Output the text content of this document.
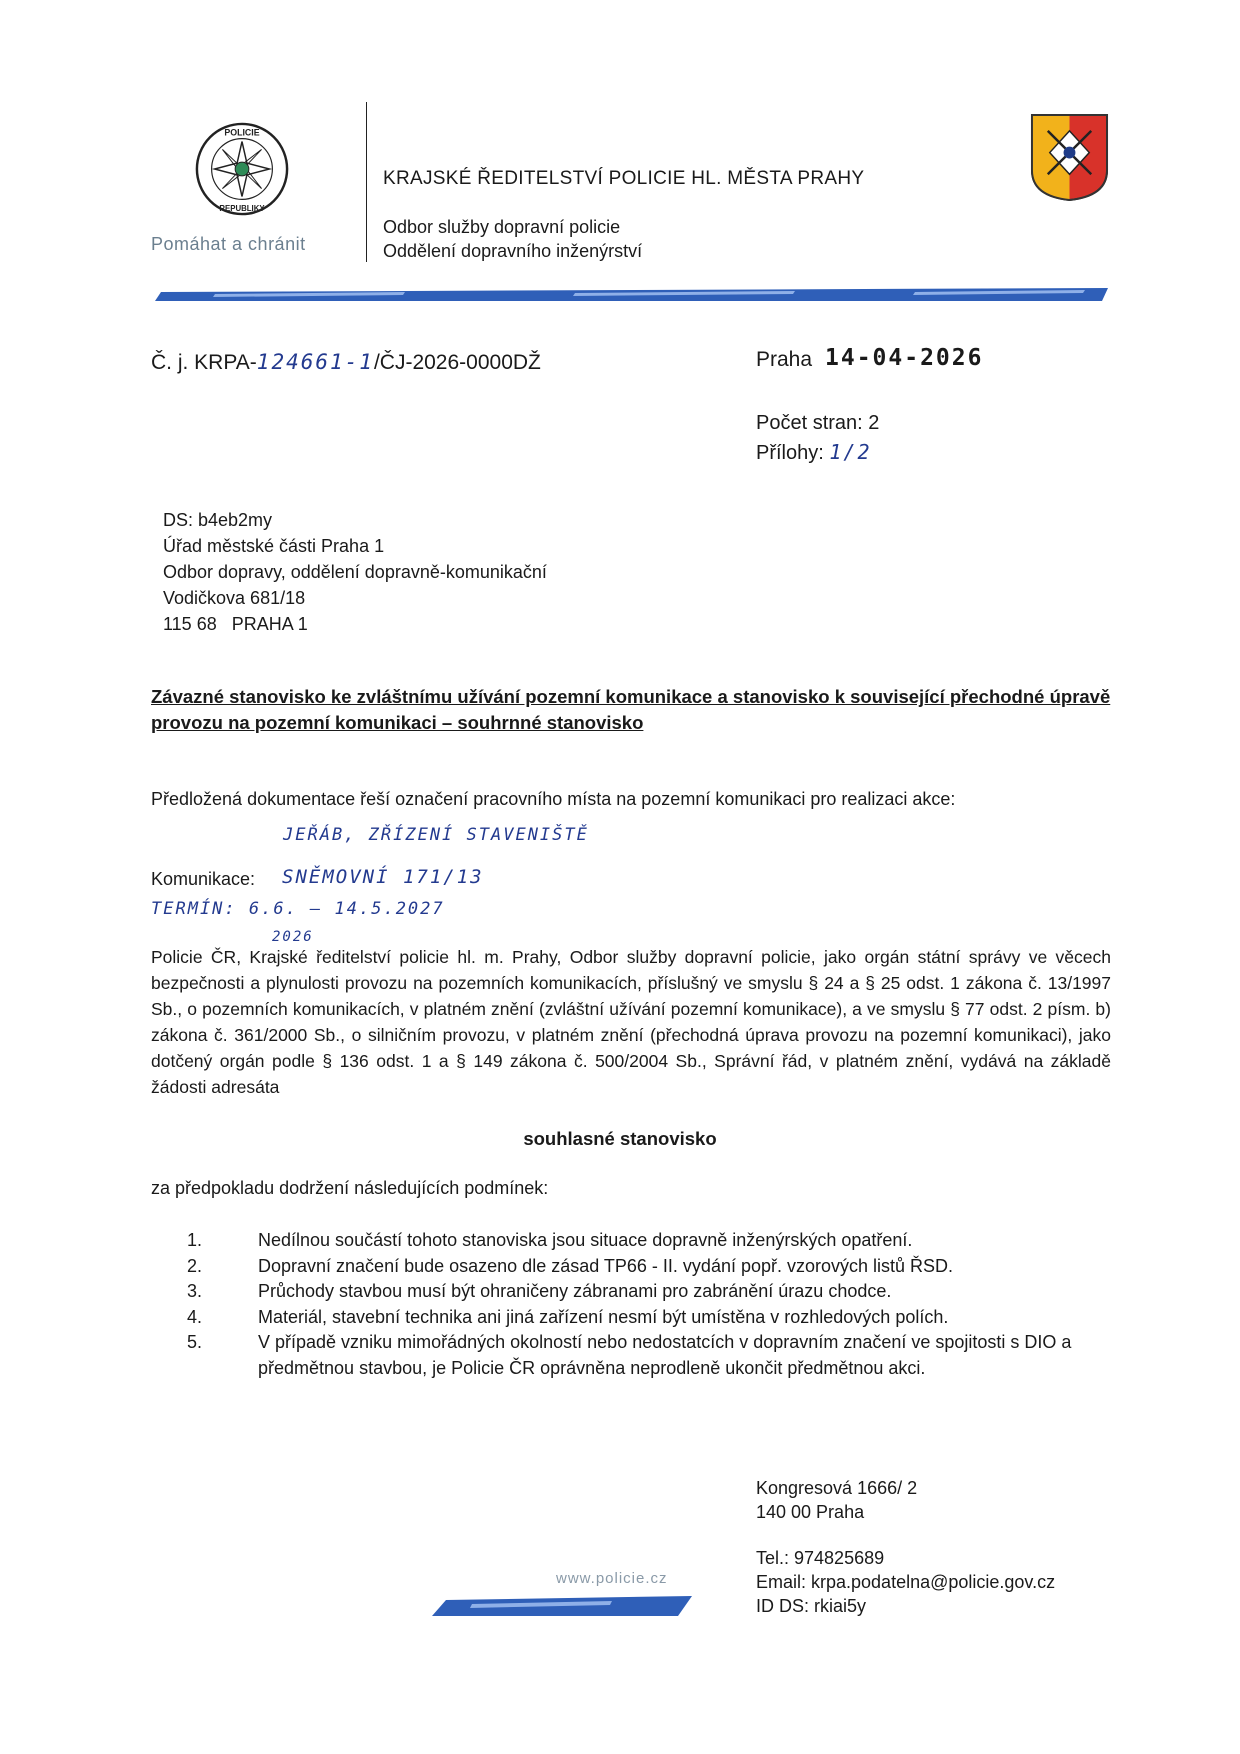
POLICIE
REPUBLIKY
Pomáhat a chránit
KRAJSKÉ ŘEDITELSTVÍ POLICIE HL. MĚSTA PRAHY
Odbor služby dopravní policie
Oddělení dopravního inženýrství
Č. j. KRPA-124661-1/ČJ-2026-0000DŽ	Praha 14-04-2026
Počet stran: 2
Přílohy: 1/2
DS: b4eb2my
Úřad městské části Praha 1
Odbor dopravy, oddělení dopravně-komunikační
Vodičkova 681/18
115 68   PRAHA 1
Závazné stanovisko ke zvláštnímu užívání pozemní komunikace a stanovisko k související přechodné úpravě provozu na pozemní komunikaci – souhrnné stanovisko
Předložená dokumentace řeší označení pracovního místa na pozemní komunikaci pro realizaci akce:
JEŘÁB, ZŘÍZENÍ STAVENIŠTĚ
Komunikace: SNĚMOVNÍ 171/13
TERMÍN: 6.6. – 14.5.2027
2026
Policie ČR, Krajské ředitelství policie hl. m. Prahy, Odbor služby dopravní policie, jako orgán státní správy ve věcech bezpečnosti a plynulosti provozu na pozemních komunikacích, příslušný ve smyslu § 24 a § 25 odst. 1 zákona č. 13/1997 Sb., o pozemních komunikacích, v platném znění (zvláštní užívání pozemní komunikace), a ve smyslu § 77 odst. 2 písm. b) zákona č. 361/2000 Sb., o silničním provozu, v platném znění (přechodná úprava provozu na pozemní komunikaci), jako dotčený orgán podle § 136 odst. 1 a § 149 zákona č. 500/2004 Sb., Správní řád, v platném znění, vydává na základě žádosti adresáta
souhlasné stanovisko
za předpokladu dodržení následujících podmínek:
1.	Nedílnou součástí tohoto stanoviska jsou situace dopravně inženýrských opatření.
2.	Dopravní značení bude osazeno dle zásad TP66 - II. vydání popř. vzorových listů ŘSD.
3.	Průchody stavbou musí být ohraničeny zábranami pro zabránění úrazu chodce.
4.	Materiál, stavební technika ani jiná zařízení nesmí být umístěna v rozhledových polích.
5.	V případě vzniku mimořádných okolností nebo nedostatcích v dopravním značení ve spojitosti s DIO a předmětnou stavbou, je Policie ČR oprávněna neprodleně ukončit předmětnou akci.
Kongresová 1666/ 2
140 00 Praha
Tel.: 974825689
Email: krpa.podatelna@policie.gov.cz
ID DS: rkiai5y
www.policie.cz
